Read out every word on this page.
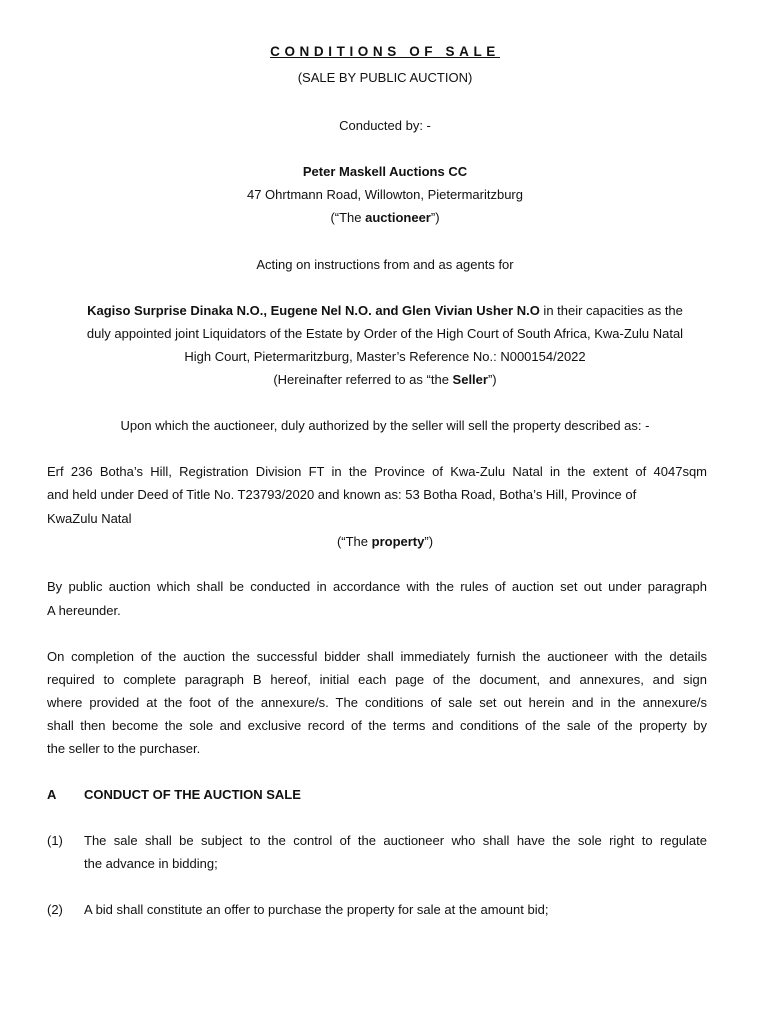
CONDITIONS OF SALE
(SALE BY PUBLIC AUCTION)
Conducted by: -
Peter Maskell Auctions CC
47 Ohrtmann Road, Willowton, Pietermaritzburg
(“The auctioneer”)
Acting on instructions from and as agents for
Kagiso Surprise Dinaka N.O., Eugene Nel N.O. and Glen Vivian Usher N.O in their capacities as the
duly appointed joint Liquidators of the Estate by Order of the High Court of South Africa, Kwa-Zulu Natal
High Court, Pietermaritzburg, Master’s Reference No.: N000154/2022
(Hereinafter referred to as “the Seller”)
Upon which the auctioneer, duly authorized by the seller will sell the property described as: -
Erf 236 Botha’s Hill, Registration Division FT in the Province of Kwa-Zulu Natal in the extent of 4047sqm
and held under Deed of Title No. T23793/2020 and known as: 53 Botha Road, Botha’s Hill, Province of
KwaZulu Natal
(“The property”)
By public auction which shall be conducted in accordance with the rules of auction set out under paragraph
A hereunder.
On completion of the auction the successful bidder shall immediately furnish the auctioneer with the details
required to complete paragraph B hereof, initial each page of the document, and annexures, and sign
where provided at the foot of the annexure/s. The conditions of sale set out herein and in the annexure/s
shall then become the sole and exclusive record of the terms and conditions of the sale of the property by
the seller to the purchaser.
A CONDUCT OF THE AUCTION SALE
(1) The sale shall be subject to the control of the auctioneer who shall have the sole right to regulate
the advance in bidding;
(2) A bid shall constitute an offer to purchase the property for sale at the amount bid;
